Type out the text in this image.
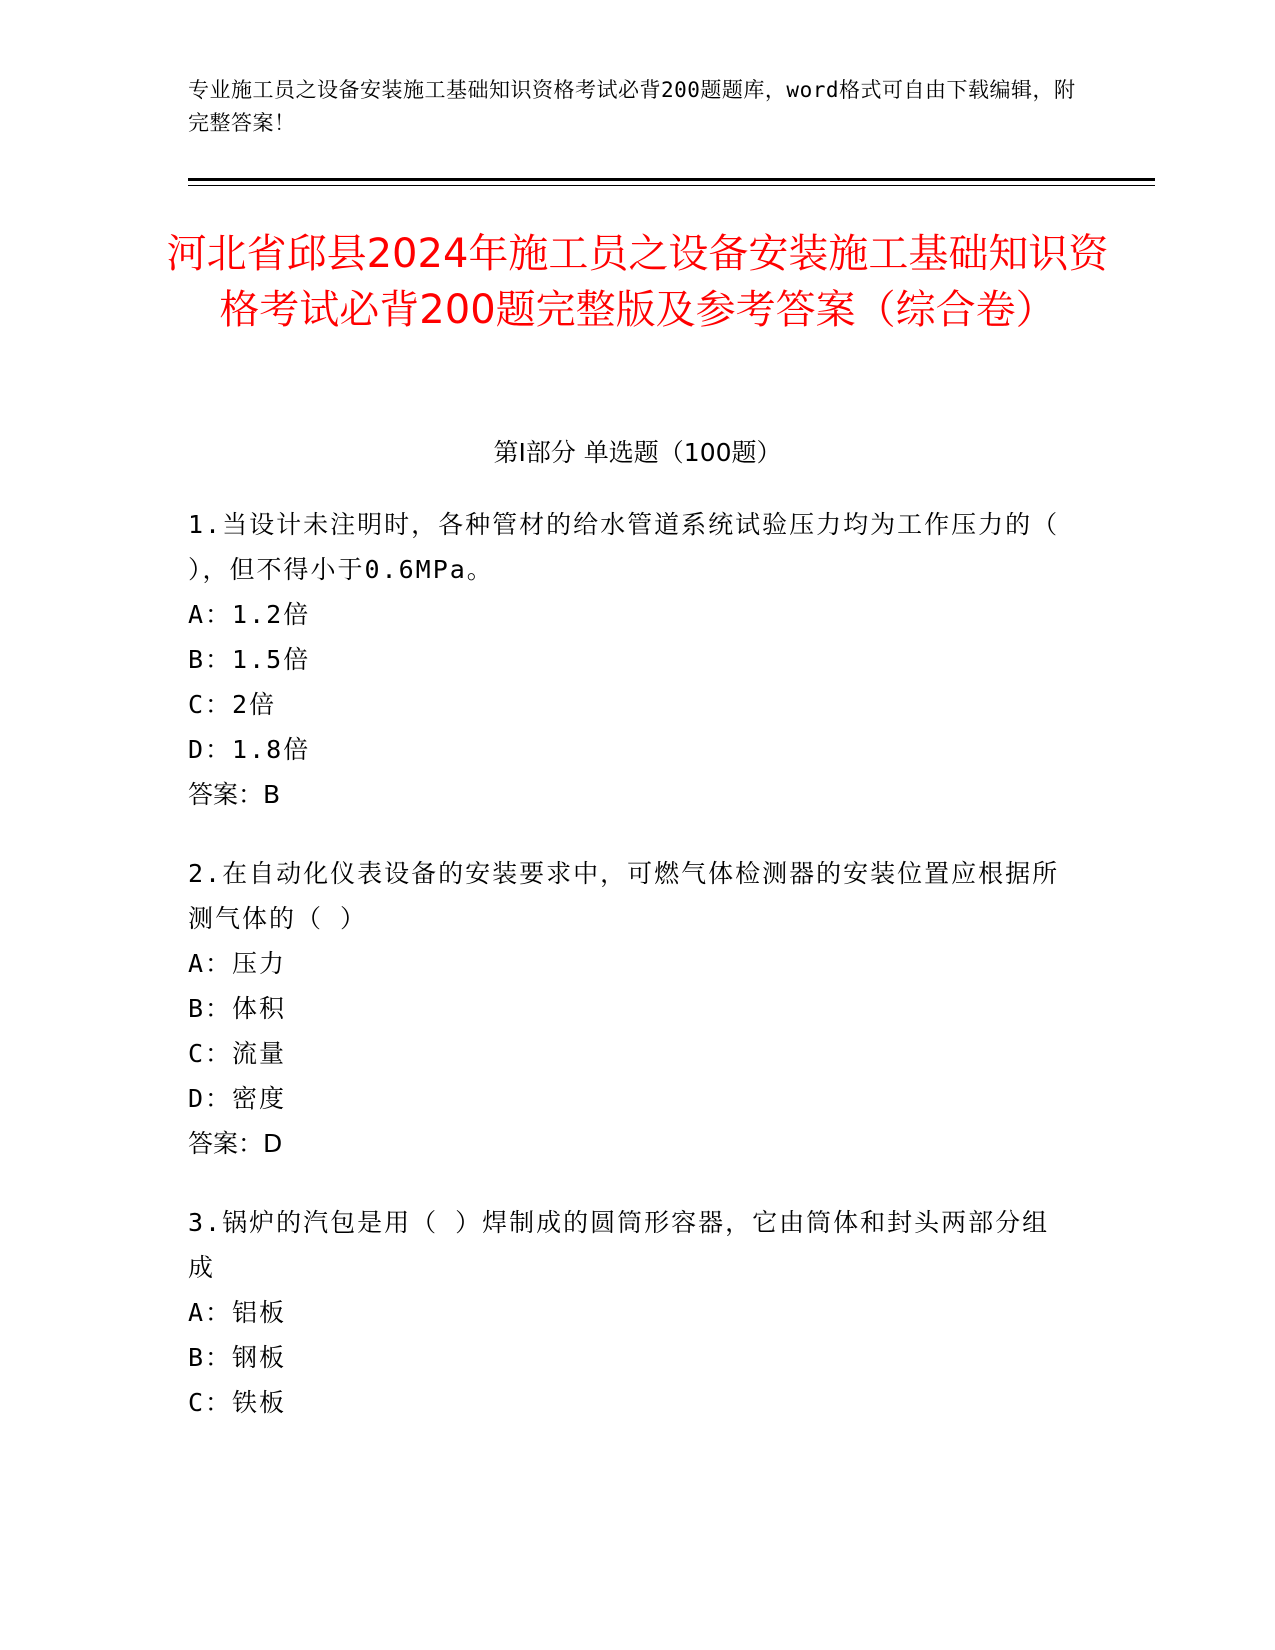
专业施工员之设备安装施工基础知识资格考试必背200题题库，word格式可自由下载编辑，附完整答案！
河北省邱县2024年施工员之设备安装施工基础知识资格考试必背200题完整版及参考答案（综合卷）
第I部分 单选题（100题）
1.当设计未注明时，各种管材的给水管道系统试验压力均为工作压力的（ ），但不得小于0.6MPa。
A：1.2倍
B：1.5倍
C：2倍
D：1.8倍
答案：B
2.在自动化仪表设备的安装要求中，可燃气体检测器的安装位置应根据所测气体的（ ）
A：压力
B：体积
C：流量
D：密度
答案：D
3.锅炉的汽包是用（ ）焊制成的圆筒形容器，它由筒体和封头两部分组成
A：铝板
B：钢板
C：铁板
